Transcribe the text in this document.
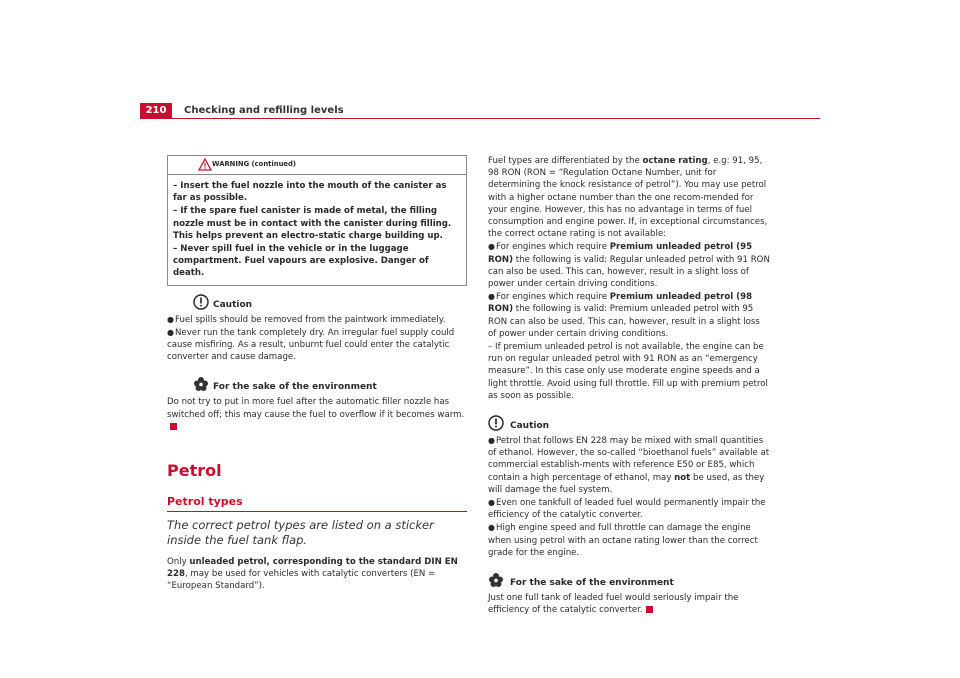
210	Checking and refilling levels
WARNING (continued)

– Insert the fuel nozzle into the mouth of the canister as far as possible.

– If the spare fuel canister is made of metal, the filling nozzle must be in contact with the canister during filling. This helps prevent an electro-static charge building up.

– Never spill fuel in the vehicle or in the luggage compartment. Fuel vapours are explosive. Danger of death.

Caution

●Fuel spills should be removed from the paintwork immediately.

●Never run the tank completely dry. An irregular fuel supply could cause misfiring. As a result, unburnt fuel could enter the catalytic converter and cause damage.

For the sake of the environment

Do not try to put in more fuel after the automatic filler nozzle has switched off; this may cause the fuel to overflow if it becomes warm.

Petrol
Petrol types
The correct petrol types are listed on a sticker inside the fuel tank flap.

Only unleaded petrol, corresponding to the standard DIN EN 228, may be used for vehicles with catalytic converters (EN = “European Standard”).

Fuel types are differentiated by the octane rating, e.g: 91, 95, 98 RON (RON = “Regulation Octane Number, unit for determining the knock resistance of petrol”). You may use petrol with a higher octane number than the one recom-mended for your engine. However, this has no advantage in terms of fuel consumption and engine power. If, in exceptional circumstances, the correct octane rating is not available:

●For engines which require Premium unleaded petrol (95 RON) the following is valid: Regular unleaded petrol with 91 RON can also be used. This can, however, result in a slight loss of power under certain driving conditions.

●For engines which require Premium unleaded petrol (98 RON) the following is valid: Premium unleaded petrol with 95 RON can also be used. This can, however, result in a slight loss of power under certain driving conditions.

– If premium unleaded petrol is not available, the engine can be run on regular unleaded petrol with 91 RON as an “emergency measure”. In this case only use moderate engine speeds and a light throttle. Avoid using full throttle. Fill up with premium petrol as soon as possible.

Caution

●Petrol that follows EN 228 may be mixed with small quantities of ethanol. However, the so-called “bioethanol fuels” available at commercial establish-ments with reference E50 or E85, which contain a high percentage of ethanol, may not be used, as they will damage the fuel system.

●Even one tankfull of leaded fuel would permanently impair the efficiency of the catalytic converter.

●High engine speed and full throttle can damage the engine when using petrol with an octane rating lower than the correct grade for the engine.

For the sake of the environment

Just one full tank of leaded fuel would seriously impair the efficiency of the catalytic converter.
